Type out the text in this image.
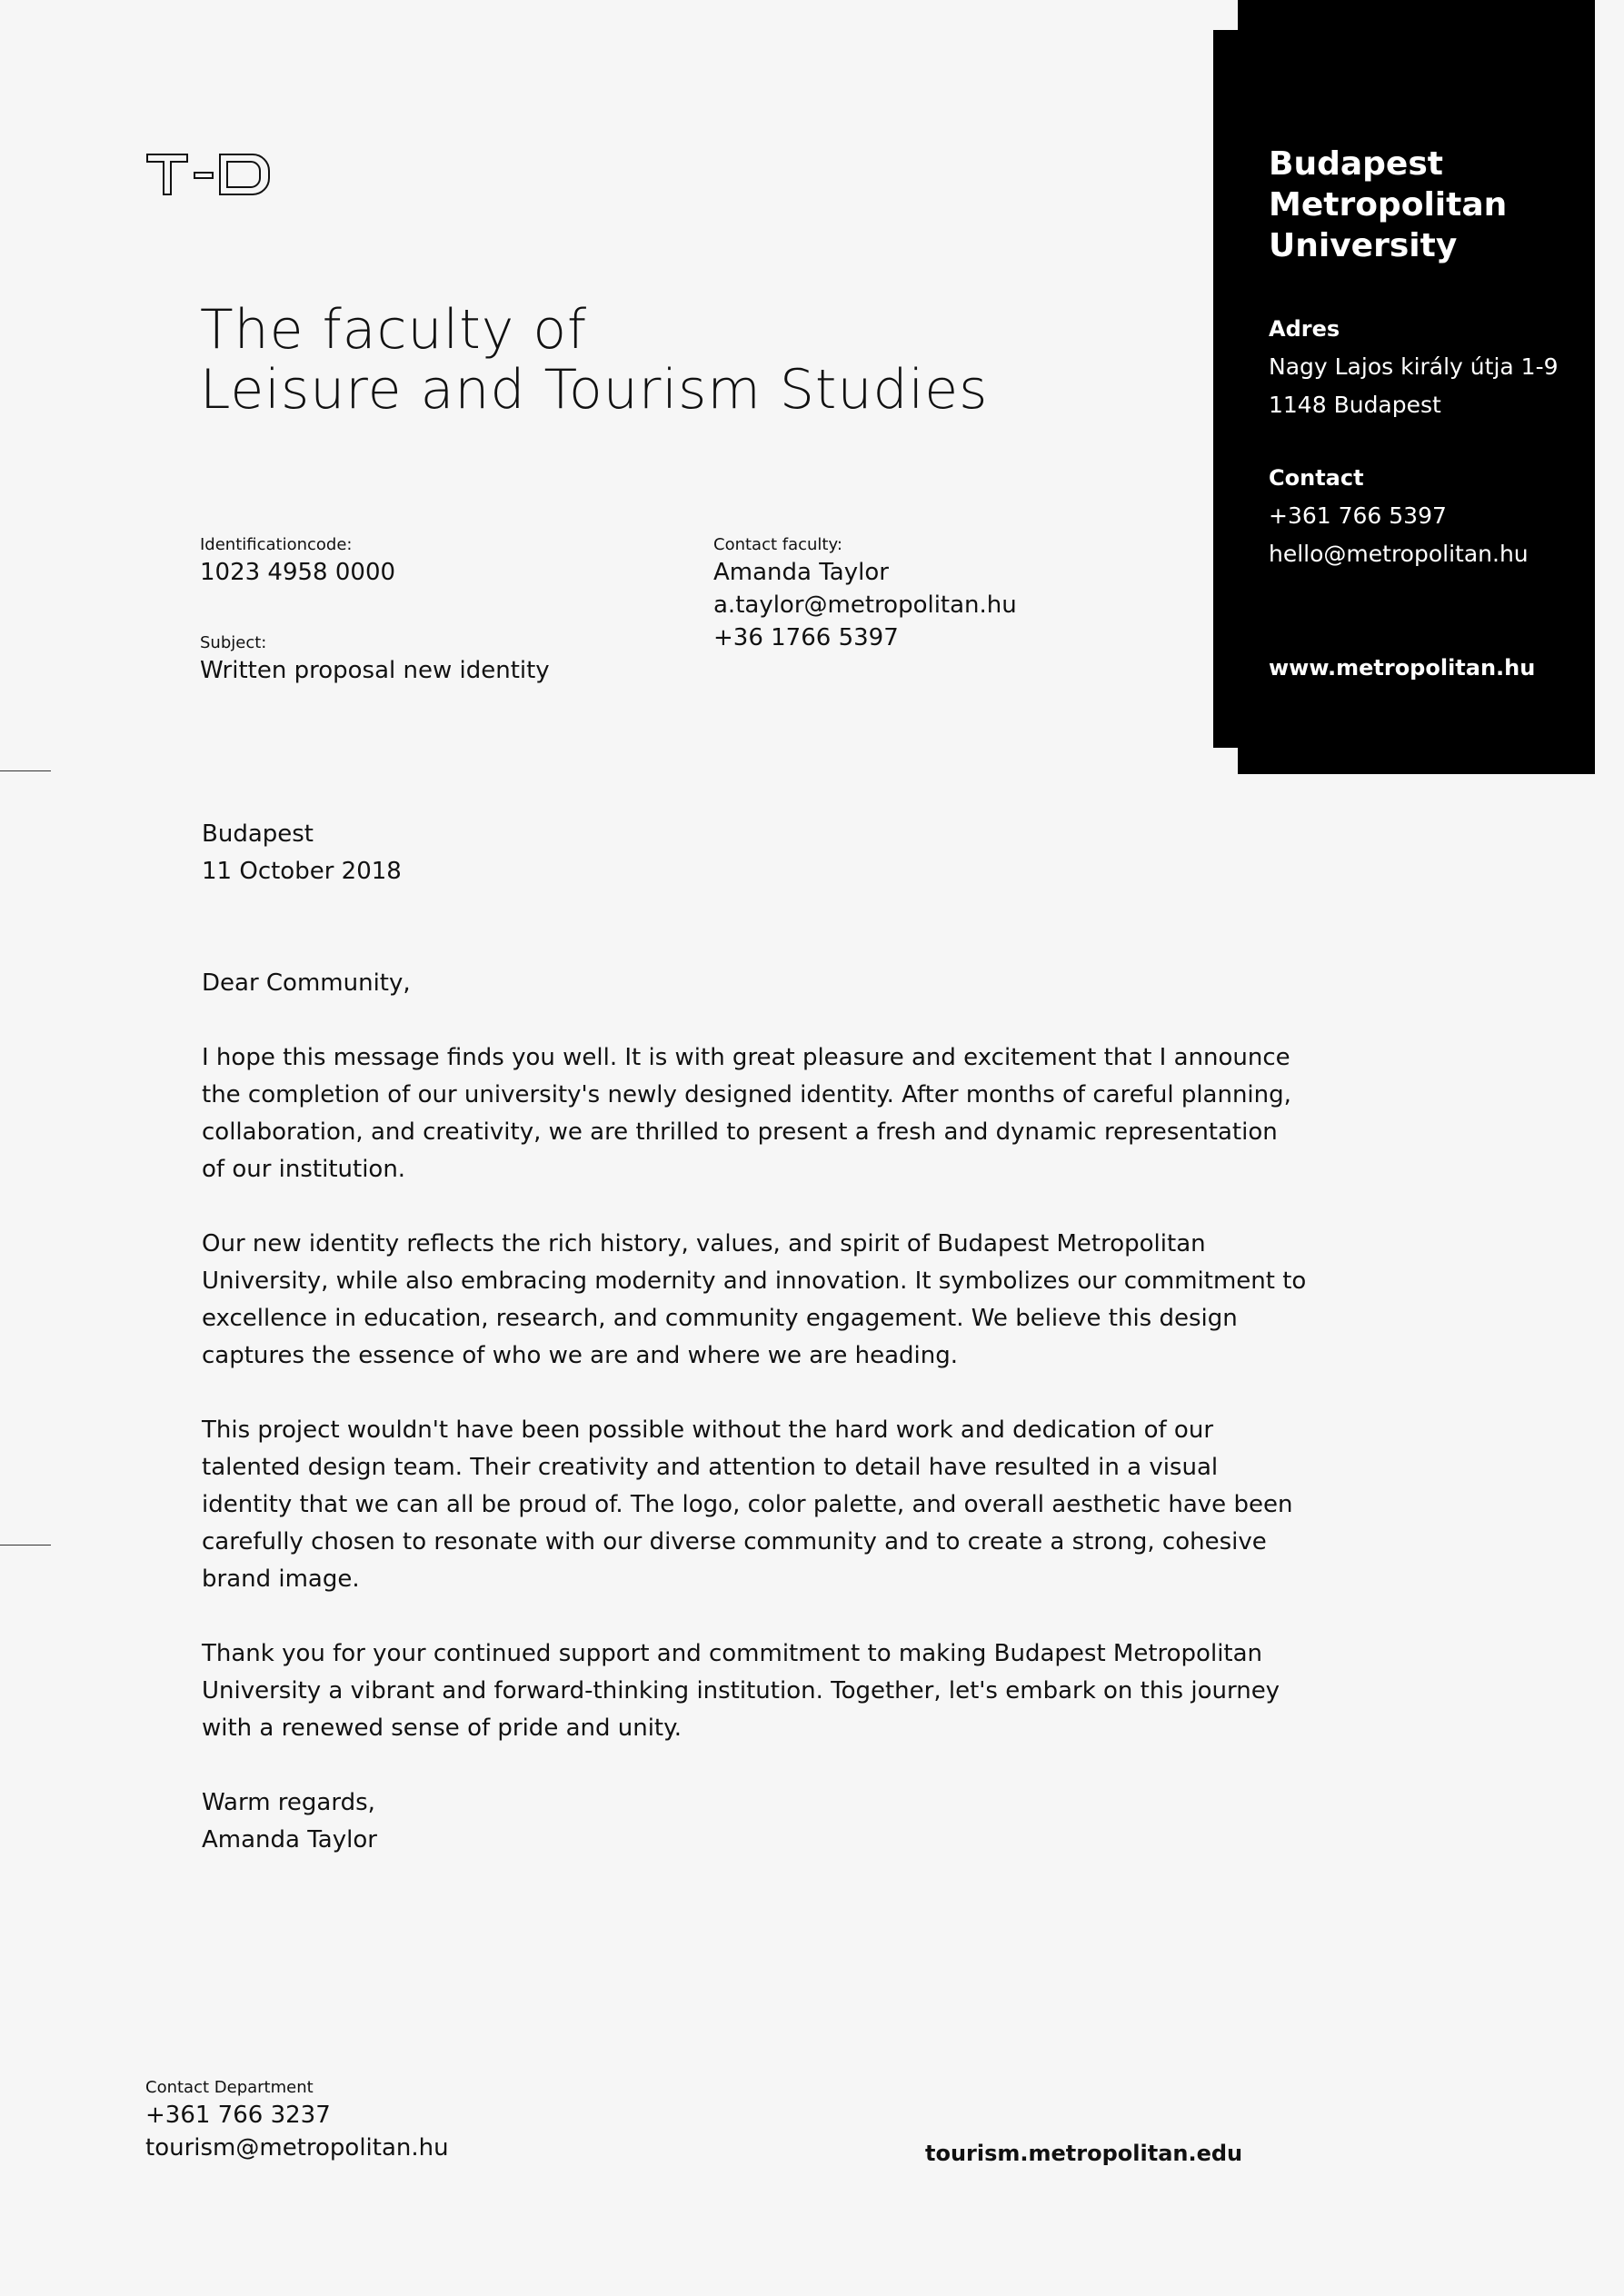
The faculty of
Leisure and Tourism Studies
Identificationcode:
1023 4958 0000
Subject:
Written proposal new identity
Contact faculty:
Amanda Taylor
a.taylor@metropolitan.hu
+36 1766 5397
Budapest
Metropolitan
University
Adres
Nagy Lajos király útja 1-9
1148 Budapest
Contact
+361 766 5397
hello@metropolitan.hu
www.metropolitan.hu
Budapest
11 October 2018
Dear Community,
I hope this message finds you well. It is with great pleasure and excitement that I announce
the completion of our university's newly designed identity. After months of careful planning,
collaboration, and creativity, we are thrilled to present a fresh and dynamic representation
of our institution.
Our new identity reflects the rich history, values, and spirit of Budapest Metropolitan
University, while also embracing modernity and innovation. It symbolizes our commitment to
excellence in education, research, and community engagement. We believe this design
captures the essence of who we are and where we are heading.
This project wouldn't have been possible without the hard work and dedication of our
talented design team. Their creativity and attention to detail have resulted in a visual
identity that we can all be proud of. The logo, color palette, and overall aesthetic have been
carefully chosen to resonate with our diverse community and to create a strong, cohesive
brand image.
Thank you for your continued support and commitment to making Budapest Metropolitan
University a vibrant and forward-thinking institution. Together, let's embark on this journey
with a renewed sense of pride and unity.
Warm regards,
Amanda Taylor
Contact Department
+361 766 3237
tourism@metropolitan.hu	tourism.metropolitan.edu
